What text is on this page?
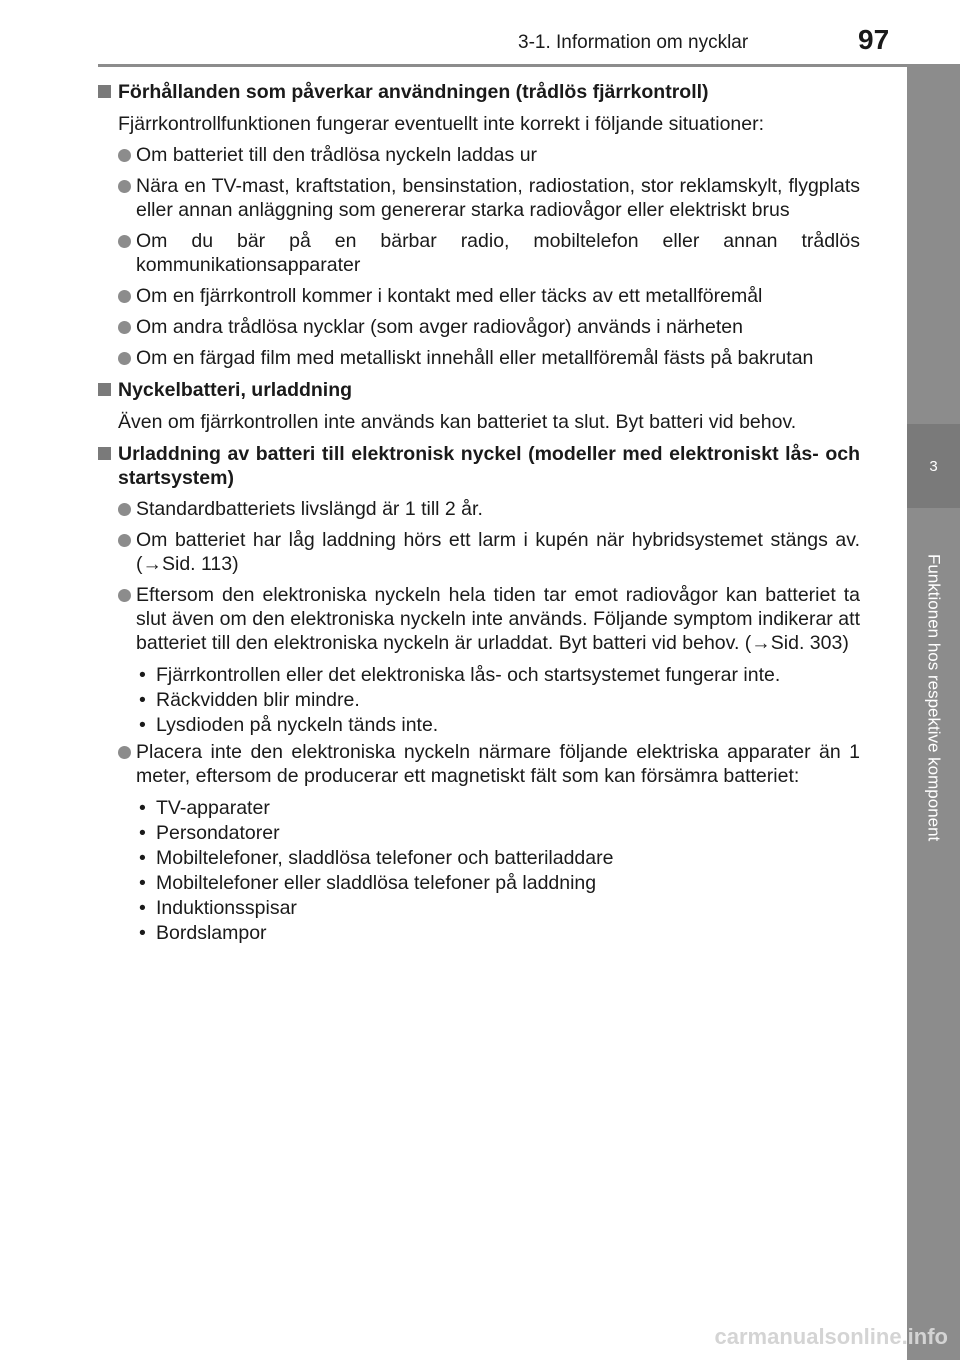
3-1. Information om nycklar	97
3
Funktionen hos respektive komponent
Förhållanden som påverkar användningen (trådlös fjärrkontroll)
Fjärrkontrollfunktionen fungerar eventuellt inte korrekt i följande situationer:
Om batteriet till den trådlösa nyckeln laddas ur
Nära en TV-mast, kraftstation, bensinstation, radiostation, stor reklamskylt, flygplats eller annan anläggning som genererar starka radiovågor eller elektriskt brus
Om du bär på en bärbar radio, mobiltelefon eller annan trådlös kommunikationsapparater
Om en fjärrkontroll kommer i kontakt med eller täcks av ett metallföremål
Om andra trådlösa nycklar (som avger radiovågor) används i närheten
Om en färgad film med metalliskt innehåll eller metallföremål fästs på bakrutan
Nyckelbatteri, urladdning
Även om fjärrkontrollen inte används kan batteriet ta slut. Byt batteri vid behov.
Urladdning av batteri till elektronisk nyckel (modeller med elektroniskt lås- och startsystem)
Standardbatteriets livslängd är 1 till 2 år.
Om batteriet har låg laddning hörs ett larm i kupén när hybridsystemet stängs av. (→Sid. 113)
Eftersom den elektroniska nyckeln hela tiden tar emot radiovågor kan batteriet ta slut även om den elektroniska nyckeln inte används. Följande symptom indikerar att batteriet till den elektroniska nyckeln är urladdat. Byt batteri vid behov. (→Sid. 303)
• Fjärrkontrollen eller det elektroniska lås- och startsystemet fungerar inte.
• Räckvidden blir mindre.
• Lysdioden på nyckeln tänds inte.
Placera inte den elektroniska nyckeln närmare följande elektriska apparater än 1 meter, eftersom de producerar ett magnetiskt fält som kan försämra batteriet:
• TV-apparater
• Persondatorer
• Mobiltelefoner, sladdlösa telefoner och batteriladdare
• Mobiltelefoner eller sladdlösa telefoner på laddning
• Induktionsspisar
• Bordslampor
carmanualsonline.info
